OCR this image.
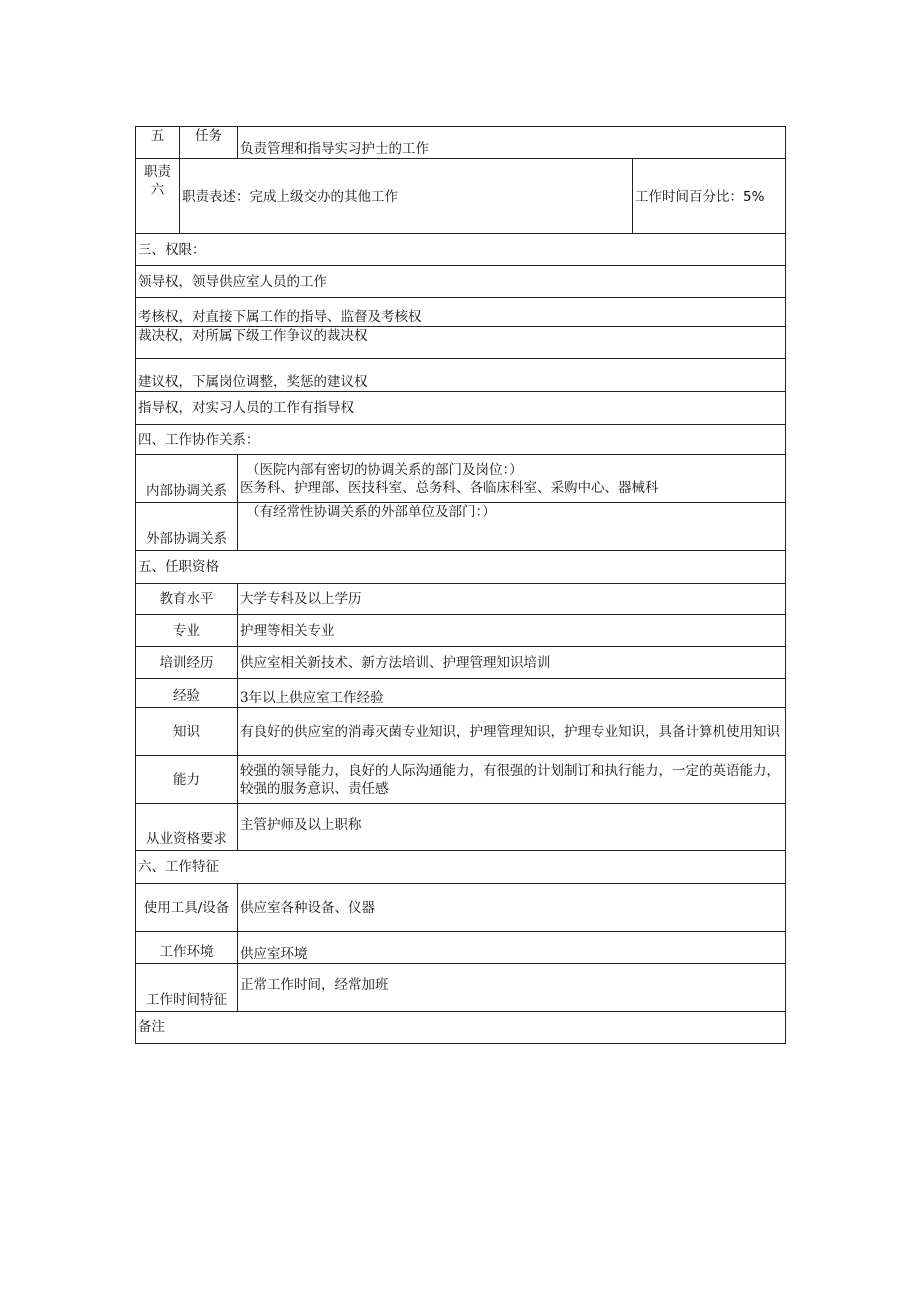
五	任务	负责管理和指导实习护士的工作	

职责
六	职责表述：完成上级交办的其他工作		工作时间百分比：5%
三、权限：			
领导权，领导供应室人员的工作			
考核权，对直接下属工作的指导、监督及考核权			
裁决权，对所属下级工作争议的裁决权			
建议权，下属岗位调整，奖惩的建议权			
指导权，对实习人员的工作有指导权			
四、工作协作关系：			
内部协调关系		（医院内部有密切的协调关系的部门及岗位：）
医务科、护理部、医技科室、总务科、各临床科室、采购中心、器械科	

外部协调关系		（有经常性协调关系的外部单位及部门：）	

五、任职资格			
教育水平		大学专科及以上学历	
专业		护理等相关专业	
培训经历		供应室相关新技术、新方法培训、护理管理知识培训	
经验		3年以上供应室工作经验	
知识		有良好的供应室的消毒灭菌专业知识，护理管理知识，护理专业知识，具备计算机使用知识	
能力		较强的领导能力，良好的人际沟通能力，有很强的计划制订和执行能力，一定的英语能力，较强的服务意识、责任感	
从业资格要求		主管护师及以上职称	
六、工作特征			
使用工具/设备		供应室各种设备、仪器	
工作环境		供应室环境	
工作时间特征		正常工作时间，经常加班	
备注			
